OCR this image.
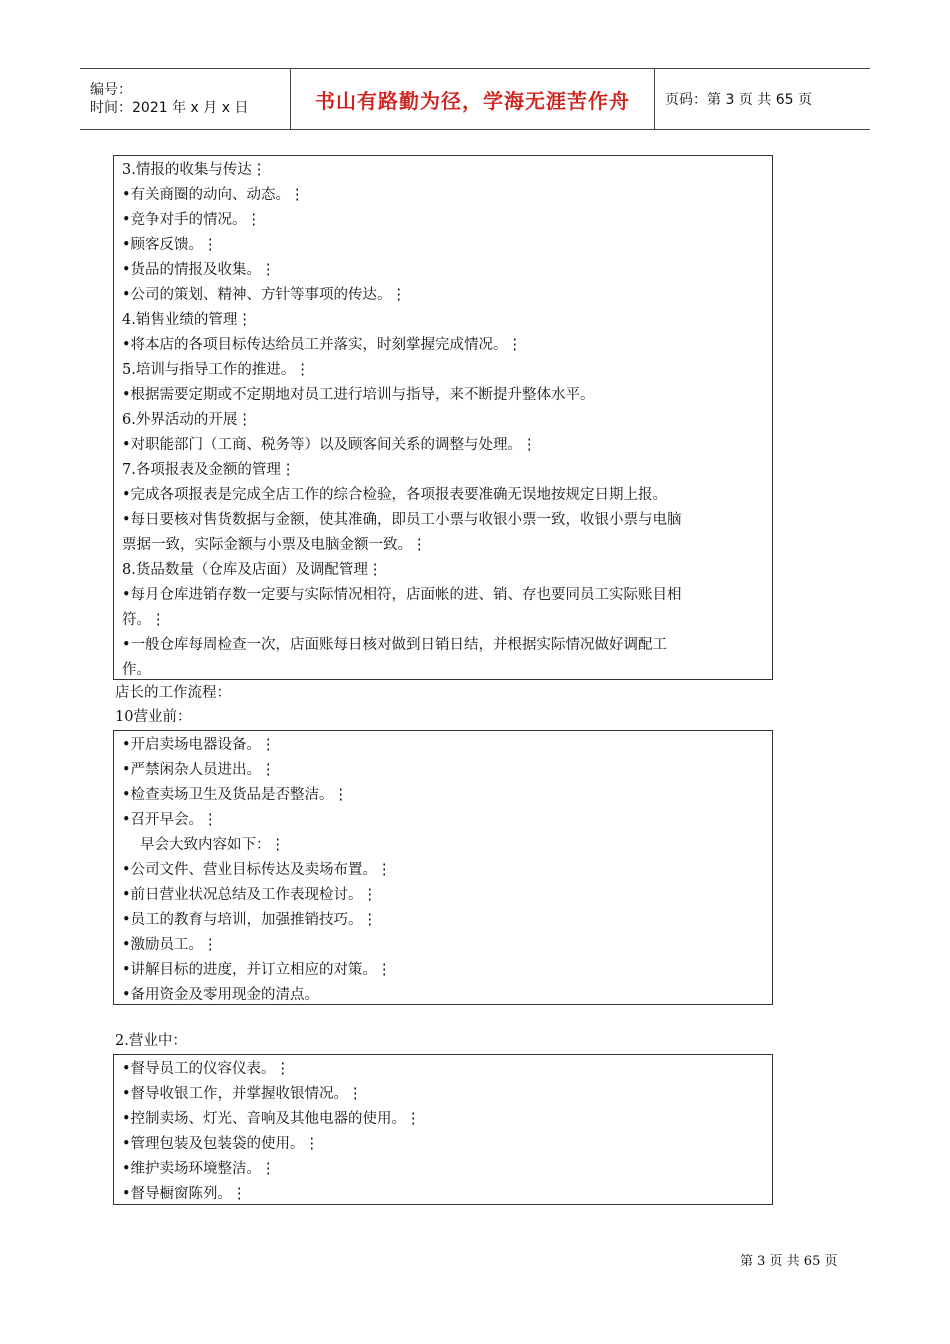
编号：
时间：2021 年 x 月 x 日	书山有路勤为径，学海无涯苦作舟	页码：第 3 页 共 65 页
3.情报的收集与传达⋮
•有关商圈的动向、动态。⋮
•竞争对手的情况。⋮
•顾客反馈。⋮
•货品的情报及收集。⋮
•公司的策划、精神、方针等事项的传达。⋮
4.销售业绩的管理⋮
•将本店的各项目标传达给员工并落实，时刻掌握完成情况。⋮
5.培训与指导工作的推进。⋮
•根据需要定期或不定期地对员工进行培训与指导，来不断提升整体水平。
6.外界活动的开展⋮
•对职能部门（工商、税务等）以及顾客间关系的调整与处理。⋮
7.各项报表及金额的管理⋮
•完成各项报表是完成全店工作的综合检验，各项报表要准确无误地按规定日期上报。
•每日要核对售货数据与金额，使其准确，即员工小票与收银小票一致，收银小票与电脑
票据一致，实际金额与小票及电脑金额一致。⋮
8.货品数量（仓库及店面）及调配管理⋮
•每月仓库进销存数一定要与实际情况相符，店面帐的进、销、存也要同员工实际账目相
符。⋮
•一般仓库每周检查一次，店面账每日核对做到日销日结，并根据实际情况做好调配工
作。
店长的工作流程：
10营业前：
•开启卖场电器设备。⋮
•严禁闲杂人员进出。⋮
•检查卖场卫生及货品是否整洁。⋮
•召开早会。⋮
早会大致内容如下：⋮
•公司文件、营业目标传达及卖场布置。⋮
•前日营业状况总结及工作表现检讨。⋮
•员工的教育与培训，加强推销技巧。⋮
•激励员工。⋮
•讲解目标的进度，并订立相应的对策。⋮
•备用资金及零用现金的清点。
2.营业中：
•督导员工的仪容仪表。⋮
•督导收银工作，并掌握收银情况。⋮
•控制卖场、灯光、音响及其他电器的使用。⋮
•管理包装及包装袋的使用。⋮
•维护卖场环境整洁。⋮
•督导橱窗陈列。⋮
第 3 页 共 65 页
